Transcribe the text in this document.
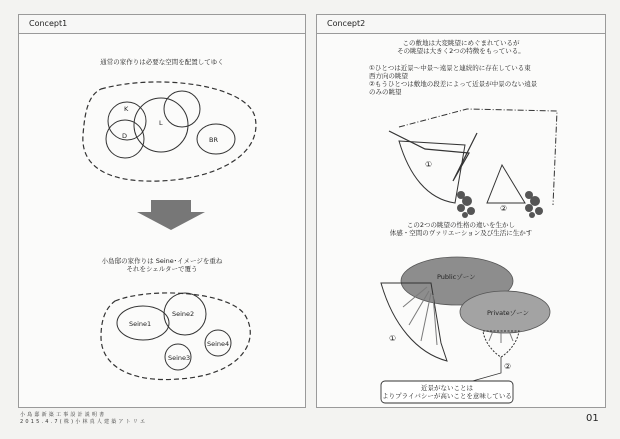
Concept1
通常の家作りは必要な空間を配置してゆく
K
L
D	BR
小島邸の家作りは Seine･イメージを重ね
それをシェルターで覆う
Seine1
Seine2
Seine3
Seine4
Concept2
この敷地は大変眺望にめぐまれているが
その眺望は大きく2つの特徴をもっている。
①ひとつは近景～中景～遠景と連続的に存在している東
西方向の眺望
②もうひとつは敷地の段差によって近景が中景のない遠景
のみの眺望
①
②
この2つの眺望の性格の違いを生かし
体感・空間のヴァリエーション及び生活に生かす
Publicゾーン
Privateゾーン
①
②
近景がないことは
よりプライバシーが高いことを意味している
小 島 邸 新 築 工 事 設 計 説 明 書
2 0 1 5 . 4 . 7 ( 株 ) 小 林 真 人 建 築 ア ト リ エ	01
